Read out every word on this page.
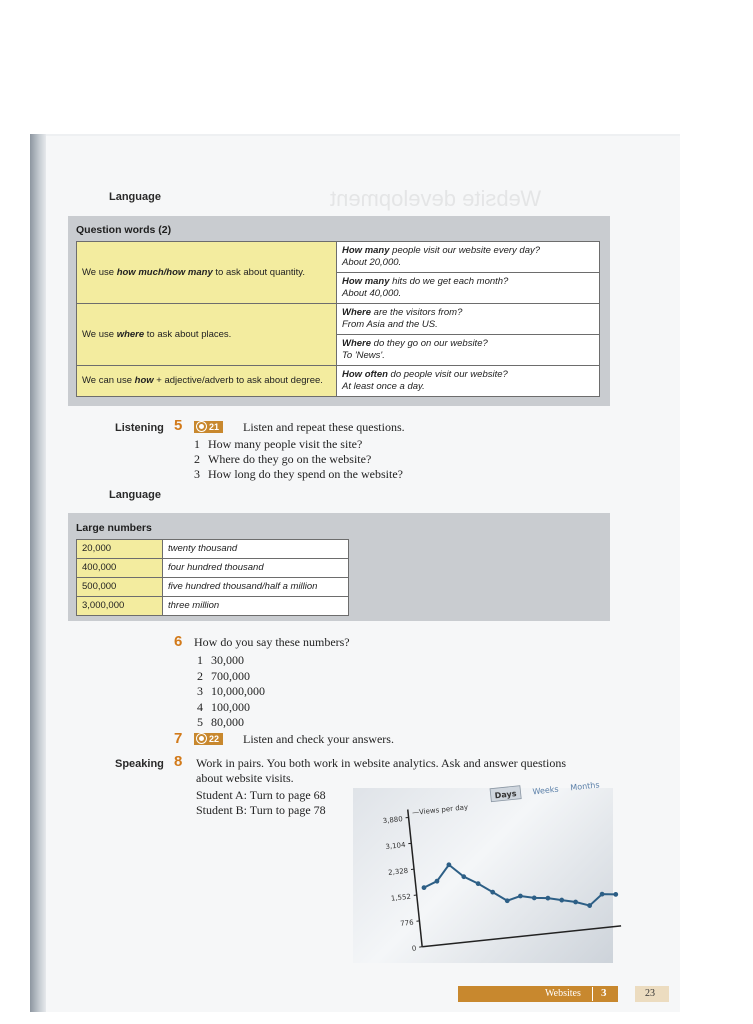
Website development
Language
Question words (2)
We use how much/how many to ask about quantity.	How many people visit our website every day?
About 20,000.
	How many hits do we get each month?
About 40,000.
We use where to ask about places.	Where are the visitors from?
From Asia and the US.
	Where do they go on our website?
To 'News'.
We can use how + adjective/adverb to ask about degree.	How often do people visit our website?
At least once a day.
Listening 5	21	Listen and repeat these questions.
1 How many people visit the site?
2 Where do they go on the website?
3 How long do they spend on the website?
Language
Large numbers
20,000	twenty thousand
400,000	four hundred thousand
500,000	five hundred thousand/half a million
3,000,000	three million
6 How do you say these numbers?
1 30,000
2 700,000
3 10,000,000
4 100,000
5 80,000
7	22	Listen and check your answers.
Speaking 8 Work in pairs. You both work in website analytics. Ask and answer questions
about website visits.
Student A: Turn to page 68
Student B: Turn to page 78
0
776
1,552
2,328
3,104
3,880
—Views per day
Days Weeks Months
Websites 3	23
